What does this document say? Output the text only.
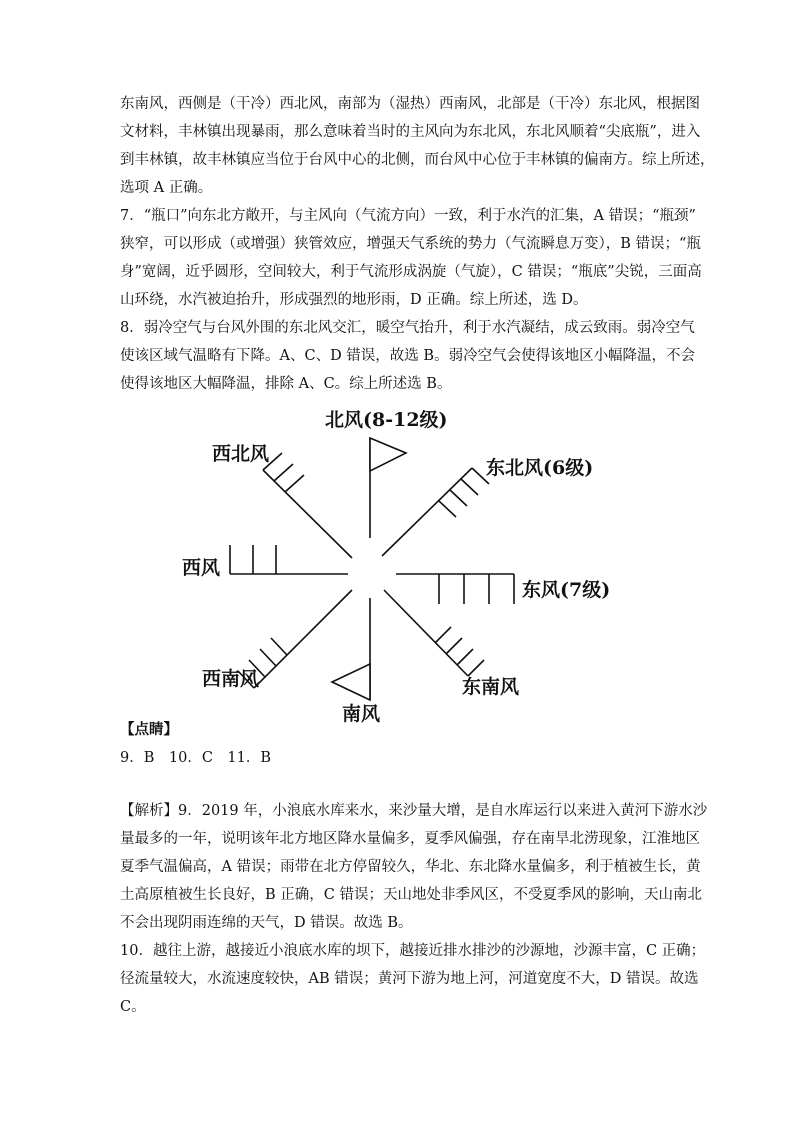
东南风，西侧是（干冷）西北风，南部为（湿热）西南风，北部是（干冷）东北风，根据图
文材料，丰林镇出现暴雨，那么意味着当时的主风向为东北风，东北风顺着“尖底瓶”，进入
到丰林镇，故丰林镇应当位于台风中心的北侧，而台风中心位于丰林镇的偏南方。综上所述，
选项 A 正确。
7．“瓶口”向东北方敞开，与主风向（气流方向）一致，利于水汽的汇集，A 错误；“瓶颈”
狭窄，可以形成（或增强）狭管效应，增强天气系统的势力（气流瞬息万变），B 错误；“瓶
身”宽阔，近乎圆形，空间较大，利于气流形成涡旋（气旋），C 错误；“瓶底”尖锐，三面高
山环绕，水汽被迫抬升，形成强烈的地形雨，D 正确。综上所述，选 D。
8．弱冷空气与台风外围的东北风交汇，暖空气抬升，利于水汽凝结，成云致雨。弱冷空气
使该区域气温略有下降。A、C、D 错误，故选 B。弱冷空气会使得该地区小幅降温，不会
使得该地区大幅降温，排除 A、C。综上所述选 B。
北风(8-12级)
西北风
东北风(6级)
西风
东风(7级)
西南风	东南风
南风

【点睛】

9．B　10．C　11．B

【解析】9．2019 年，小浪底水库来水，来沙量大增，是自水库运行以来进入黄河下游水沙
量最多的一年，说明该年北方地区降水量偏多，夏季风偏强，存在南旱北涝现象，江淮地区
夏季气温偏高，A 错误；雨带在北方停留较久，华北、东北降水量偏多，利于植被生长，黄
土高原植被生长良好，B 正确，C 错误；天山地处非季风区，不受夏季风的影响，天山南北
不会出现阴雨连绵的天气，D 错误。故选 B。
10．越往上游，越接近小浪底水库的坝下，越接近排水排沙的沙源地，沙源丰富，C 正确；
径流量较大，水流速度较快，AB 错误；黄河下游为地上河，河道宽度不大，D 错误。故选
C。
